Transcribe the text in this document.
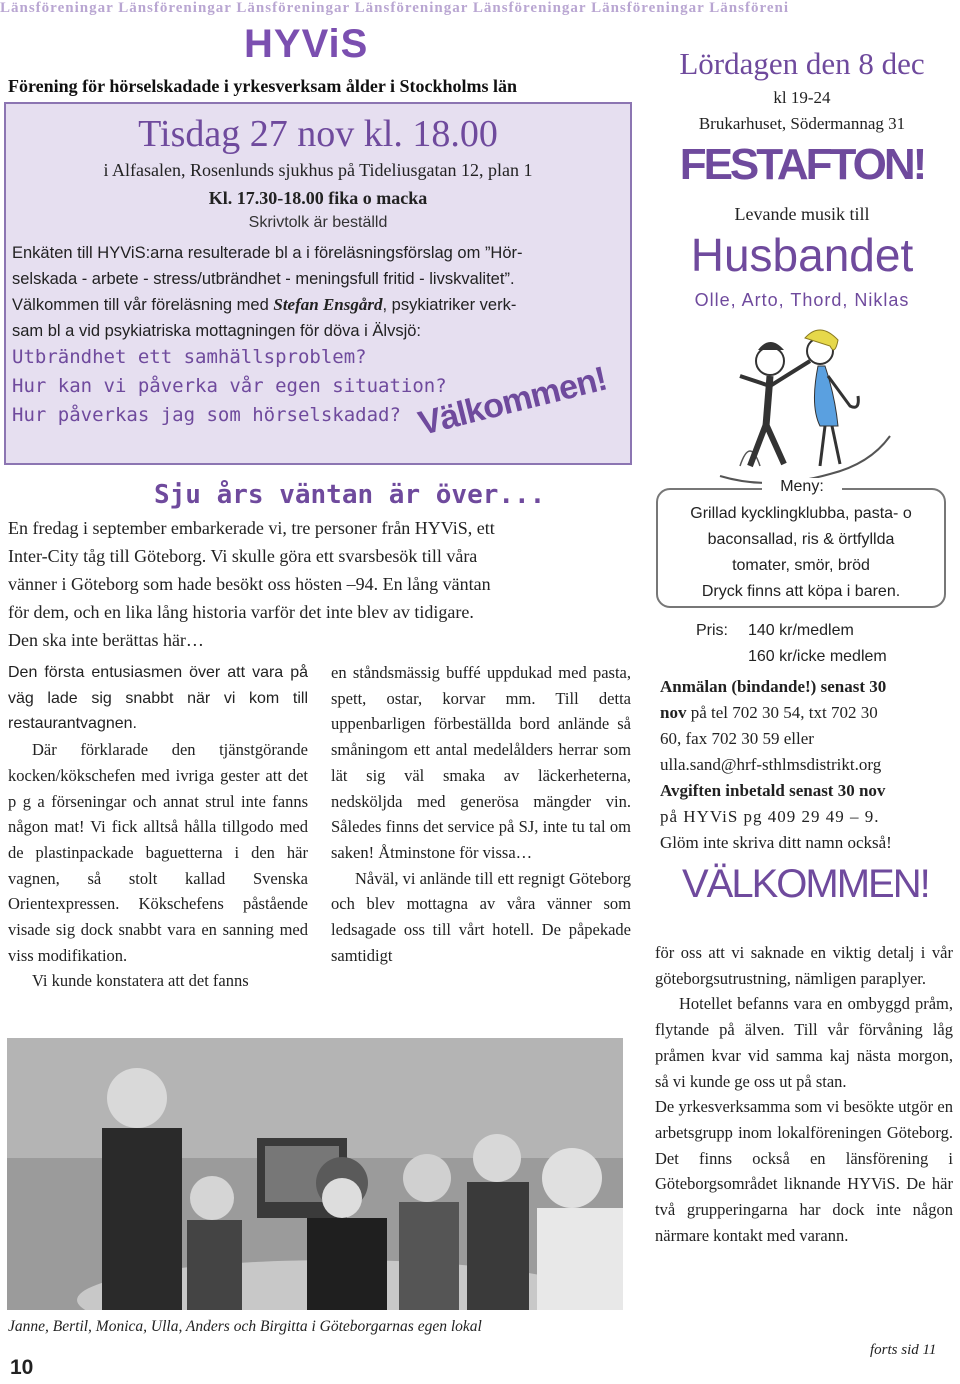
Länsföreningar Länsföreningar Länsföreningar Länsföreningar Länsföreningar Länsföreningar Länsföreni
HYViS
Förening för hörselskadade i yrkesverksam ålder i Stockholms län
Tisdag 27 nov kl. 18.00
i Alfasalen, Rosenlunds sjukhus på Tideliusgatan 12, plan 1
Kl. 17.30-18.00 fika o macka
Skrivtolk är beställd
Enkäten till HYViS:arna resulterade bl a i föreläsningsförslag om ”Hör-
selskada - arbete - stress/utbrändhet - meningsfull fritid - livskvalitet”.
Välkommen till vår föreläsning med Stefan Ensgård, psykiatriker verk-
sam bl a vid psykiatriska mottagningen för döva i Älvsjö:
Utbrändhet ett samhällsproblem?
Hur kan vi påverka vår egen situation?
Hur påverkas jag som hörselskadad? Välkommen!
Lördagen den 8 dec
kl 19-24
Brukarhuset, Södermannag 31
FESTAFTON!
Levande musik till
Husbandet
Olle, Arto, Thord, Niklas
Meny:
Grillad kycklingklubba, pasta- o
baconsallad, ris & örtfyllda
tomater, smör, bröd
Dryck finns att köpa i baren.
Pris: 140 kr/medlem
160 kr/icke medlem
Anmälan (bindande!) senast 30
nov på tel 702 30 54, txt 702 30
60, fax 702 30 59 eller
ulla.sand@hrf-sthlmsdistrikt.org
Avgiften inbetald senast 30 nov
på HYViS pg 409 29 49 – 9.
Glöm inte skriva ditt namn också!
VÄLKOMMEN!
Sju års väntan är över...
En fredag i september embarkerade vi, tre personer från HYViS, ett
Inter-City tåg till Göteborg. Vi skulle göra ett svarsbesök till våra
vänner i Göteborg som hade besökt oss hösten –94. En lång väntan
för dem, och en lika lång historia varför det inte blev av tidigare.
Den ska inte berättas här…

Den första entusiasmen över att vara på väg lade sig snabbt när vi kom till restaurantvagnen.

Där förklarade den tjänstgörande kocken/kökschefen med ivriga gester att det p g a förseningar och annat strul inte fanns någon mat! Vi fick alltså hålla tillgodo med de plastinpackade baguetterna i den här vagnen, så stolt kallad Svenska Orientexpressen. Kökschefens påstående visade sig dock snabbt vara en sanning med viss modifikation.

Vi kunde konstatera att det fanns

en ståndsmässig buffé uppdukad med pasta, spett, ostar, korvar mm. Till detta uppenbarligen förbeställda bord anlände så småningom ett antal medelålders herrar som lät sig väl smaka av läckerheterna, nedsköljda med generösa mängder vin. Således finns det service på SJ, inte tu tal om saken! Åtminstone för vissa…

Nåväl, vi anlände till ett regnigt Göteborg och blev mottagna av våra vänner som ledsagade oss till vårt hotell. De påpekade samtidigt	för oss att vi saknade en viktig detalj i vår göteborgsutrustning, nämligen paraplyer.

Hotellet befanns vara en ombyggd pråm, flytande på älven. Till vår förvåning låg pråmen kvar vid samma kaj nästa morgon, så vi kunde ge oss ut på stan.

De yrkesverksamma som vi besökte utgör en arbetsgrupp inom lokalföreningen Göteborg. Det finns också en länsförening i Göteborgsområdet liknande HYViS. De här två grupperingarna har dock inte någon närmare kontakt med varann.

forts sid 11
Janne, Bertil, Monica, Ulla, Anders och Birgitta i Göteborgarnas egen lokal
10
